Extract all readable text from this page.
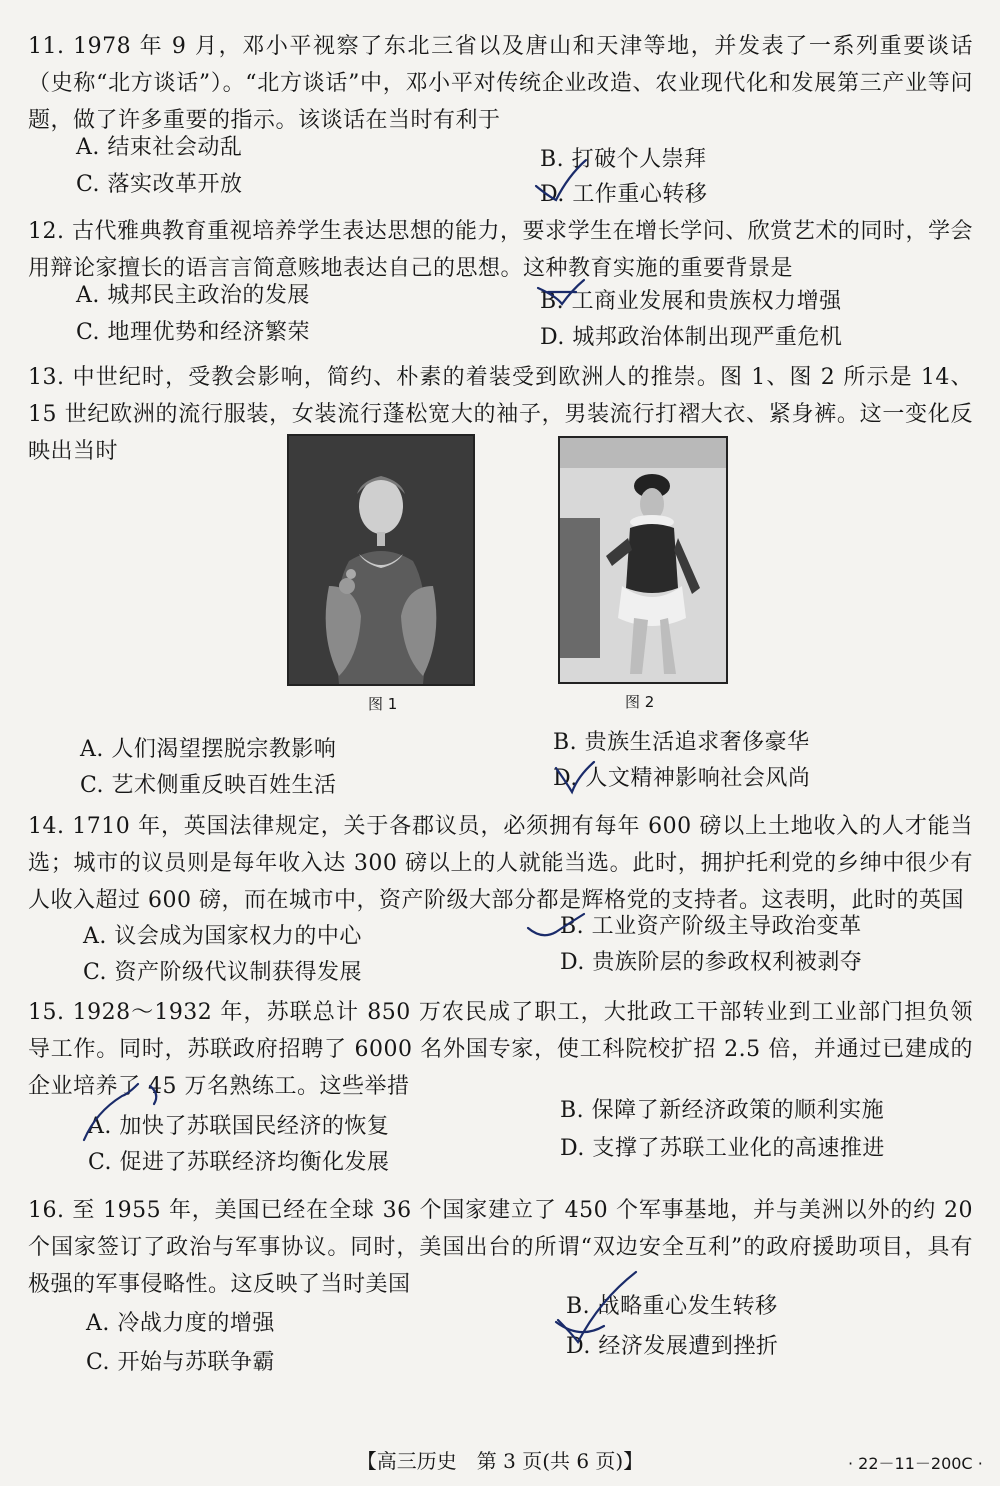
11. 1978 年 9 月，邓小平视察了东北三省以及唐山和天津等地，并发表了一系列重要谈话（史称“北方谈话”）。“北方谈话”中，邓小平对传统企业改造、农业现代化和发展第三产业等问题，做了许多重要的指示。该谈话在当时有利于
A. 结束社会动乱	B. 打破个人崇拜
C. 落实改革开放	D. 工作重心转移
12. 古代雅典教育重视培养学生表达思想的能力，要求学生在增长学问、欣赏艺术的同时，学会用辩论家擅长的语言言简意赅地表达自己的思想。这种教育实施的重要背景是
A. 城邦民主政治的发展	B. 工商业发展和贵族权力增强
C. 地理优势和经济繁荣	D. 城邦政治体制出现严重危机
13. 中世纪时，受教会影响，简约、朴素的着装受到欧洲人的推崇。图 1、图 2 所示是 14、15 世纪欧洲的流行服装，女装流行蓬松宽大的袖子，男装流行打褶大衣、紧身裤。这一变化反映出当时
图 1	图 2
A. 人们渴望摆脱宗教影响	B. 贵族生活追求奢侈豪华
C. 艺术侧重反映百姓生活	D. 人文精神影响社会风尚
14. 1710 年，英国法律规定，关于各郡议员，必须拥有每年 600 磅以上土地收入的人才能当选；城市的议员则是每年收入达 300 磅以上的人就能当选。此时，拥护托利党的乡绅中很少有人收入超过 600 磅，而在城市中，资产阶级大部分都是辉格党的支持者。这表明，此时的英国
A. 议会成为国家权力的中心	B. 工业资产阶级主导政治变革
C. 资产阶级代议制获得发展	D. 贵族阶层的参政权利被剥夺
15. 1928～1932 年，苏联总计 850 万农民成了职工，大批政工干部转业到工业部门担负领导工作。同时，苏联政府招聘了 6000 名外国专家，使工科院校扩招 2.5 倍，并通过已建成的企业培养了 45 万名熟练工。这些举措
A. 加快了苏联国民经济的恢复
B. 保障了新经济政策的顺利实施
C. 促进了苏联经济均衡化发展
D. 支撑了苏联工业化的高速推进
16. 至 1955 年，美国已经在全球 36 个国家建立了 450 个军事基地，并与美洲以外的约 20 个国家签订了政治与军事协议。同时，美国出台的所谓“双边安全互利”的政府援助项目，具有极强的军事侵略性。这反映了当时美国
A. 冷战力度的增强
B. 战略重心发生转移
C. 开始与苏联争霸
D. 经济发展遭到挫折
【高三历史　第 3 页(共 6 页)】	· 22－11－200C ·
